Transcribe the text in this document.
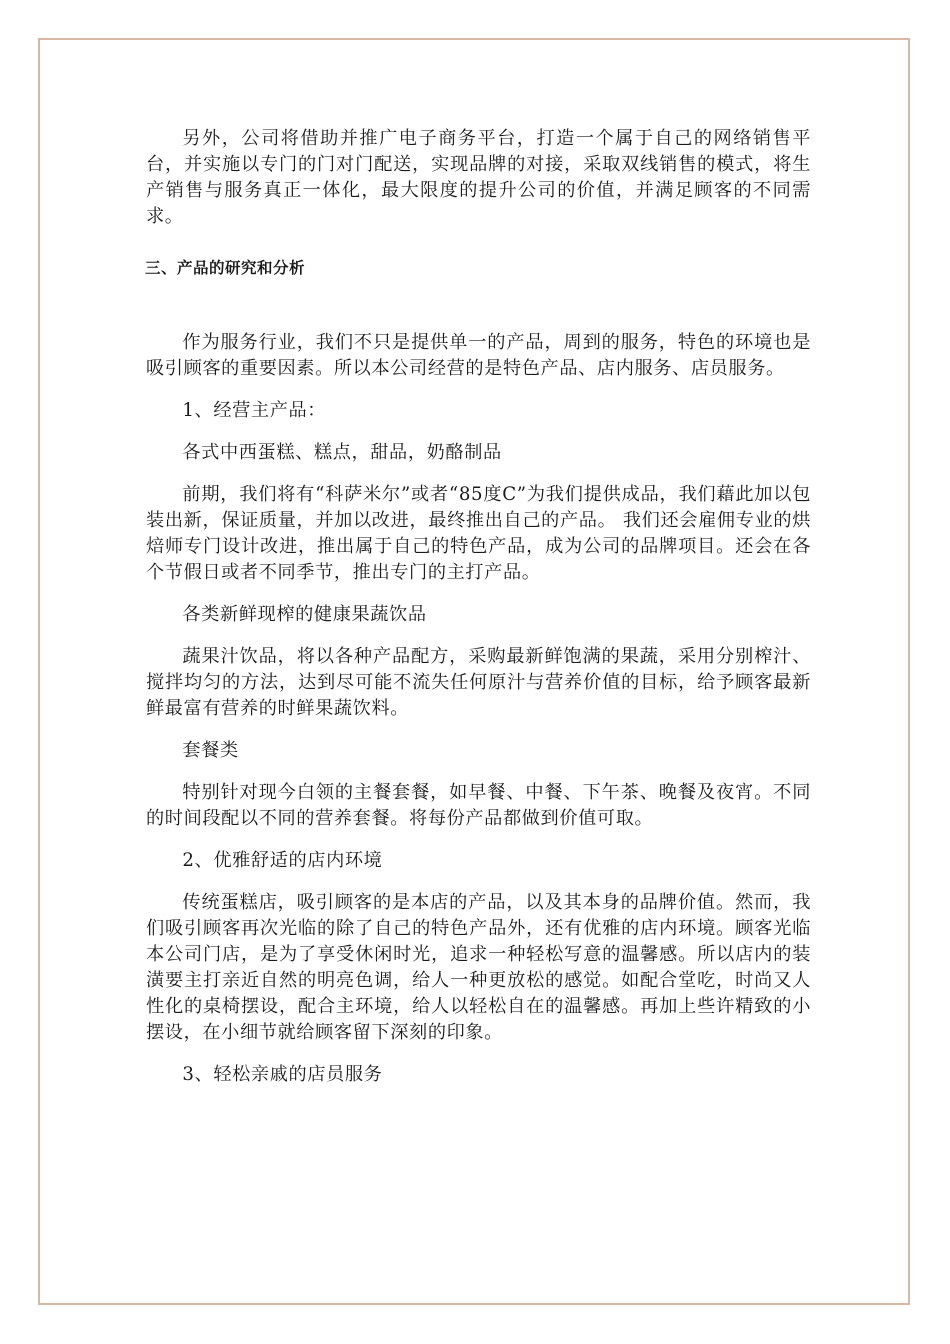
另外，公司将借助并推广电子商务平台，打造一个属于自己的网络销售平台，并实施以专门的门对门配送，实现品牌的对接，采取双线销售的模式，将生产销售与服务真正一体化，最大限度的提升公司的价值，并满足顾客的不同需求。

三、产品的研究和分析

作为服务行业，我们不只是提供单一的产品，周到的服务，特色的环境也是吸引顾客的重要因素。所以本公司经营的是特色产品、店内服务、店员服务。

1、经营主产品：

各式中西蛋糕、糕点，甜品，奶酪制品

前期，我们将有“科萨米尔”或者“85度C”为我们提供成品，我们藉此加以包装出新，保证质量，并加以改进，最终推出自己的产品。 我们还会雇佣专业的烘焙师专门设计改进，推出属于自己的特色产品，成为公司的品牌项目。还会在各个节假日或者不同季节，推出专门的主打产品。

各类新鲜现榨的健康果蔬饮品

蔬果汁饮品，将以各种产品配方，采购最新鲜饱满的果蔬，采用分别榨汁、搅拌均匀的方法，达到尽可能不流失任何原汁与营养价值的目标，给予顾客最新鲜最富有营养的时鲜果蔬饮料。

套餐类

特别针对现今白领的主餐套餐，如早餐、中餐、下午茶、晚餐及夜宵。不同的时间段配以不同的营养套餐。将每份产品都做到价值可取。

2、优雅舒适的店内环境

传统蛋糕店，吸引顾客的是本店的产品，以及其本身的品牌价值。然而，我们吸引顾客再次光临的除了自己的特色产品外，还有优雅的店内环境。顾客光临本公司门店，是为了享受休闲时光，追求一种轻松写意的温馨感。所以店内的装潢要主打亲近自然的明亮色调，给人一种更放松的感觉。如配合堂吃，时尚又人性化的桌椅摆设，配合主环境，给人以轻松自在的温馨感。再加上些许精致的小摆设，在小细节就给顾客留下深刻的印象。

3、轻松亲戚的店员服务
